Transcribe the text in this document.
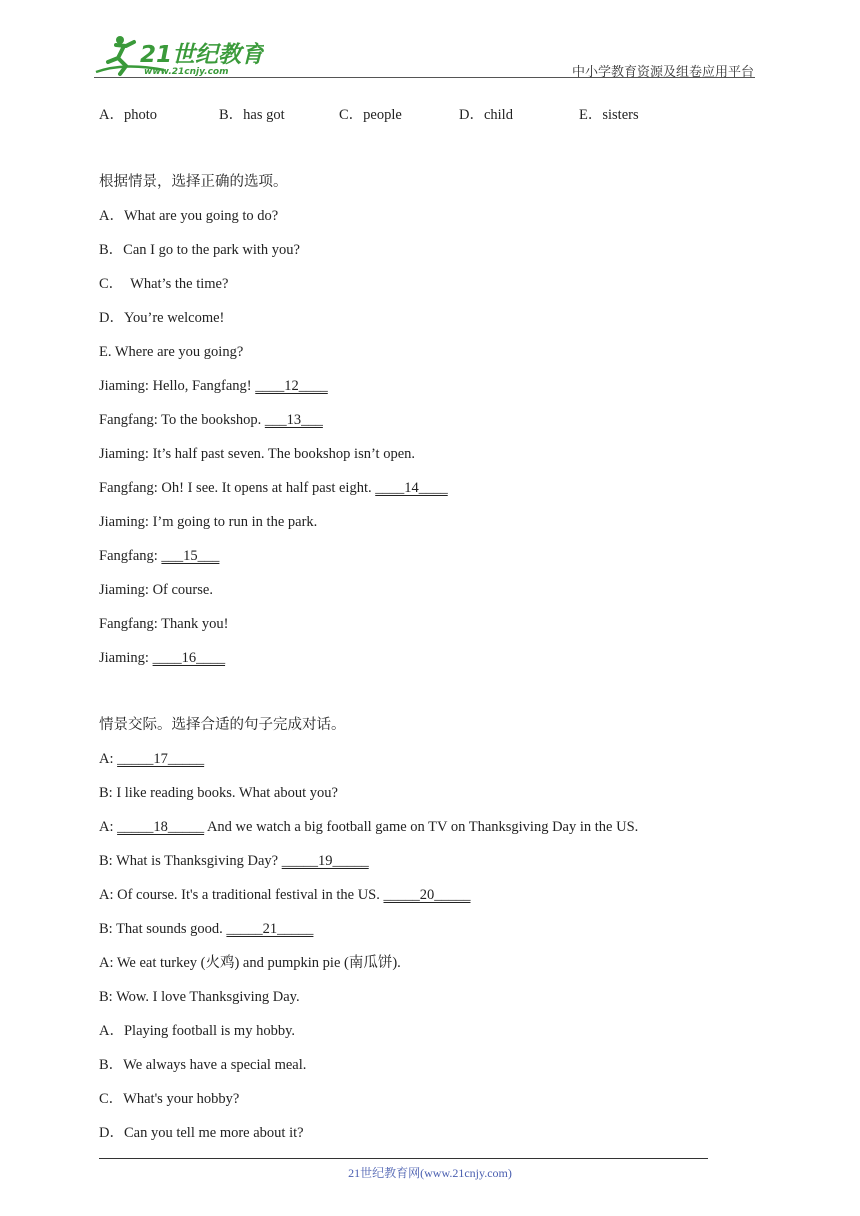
21世纪教育
www.21cnjy.com	中小学教育资源及组卷应用平台
A．photo	B．has got	C．people	D．child	E．sisters
根据情景，选择正确的选项。
A．What are you going to do?
B．Can I go to the park with you?
C．  What’s the time?
D．You’re welcome!
E. Where are you going?
Jiaming: Hello, Fangfang! ____12____
Fangfang: To the bookshop. ___13___
Jiaming: It’s half past seven. The bookshop isn’t open.
Fangfang: Oh! I see. It opens at half past eight. ____14____
Jiaming: I’m going to run in the park.
Fangfang: ___15___
Jiaming: Of course.
Fangfang: Thank you!
Jiaming: ____16____
情景交际。选择合适的句子完成对话。
A: _____17_____
B: I like reading books. What about you?
A: _____18_____ And we watch a big football game on TV on Thanksgiving Day in the US.
B: What is Thanksgiving Day? _____19_____
A: Of course. It's a traditional festival in the US. _____20_____
B: That sounds good. _____21_____
A: We eat turkey (火鸡) and pumpkin pie (南瓜饼).
B: Wow. I love Thanksgiving Day.
A．Playing football is my hobby.
B．We always have a special meal.
C．What's your hobby?
D．Can you tell me more about it?
21世纪教育网(www.21cnjy.com)
